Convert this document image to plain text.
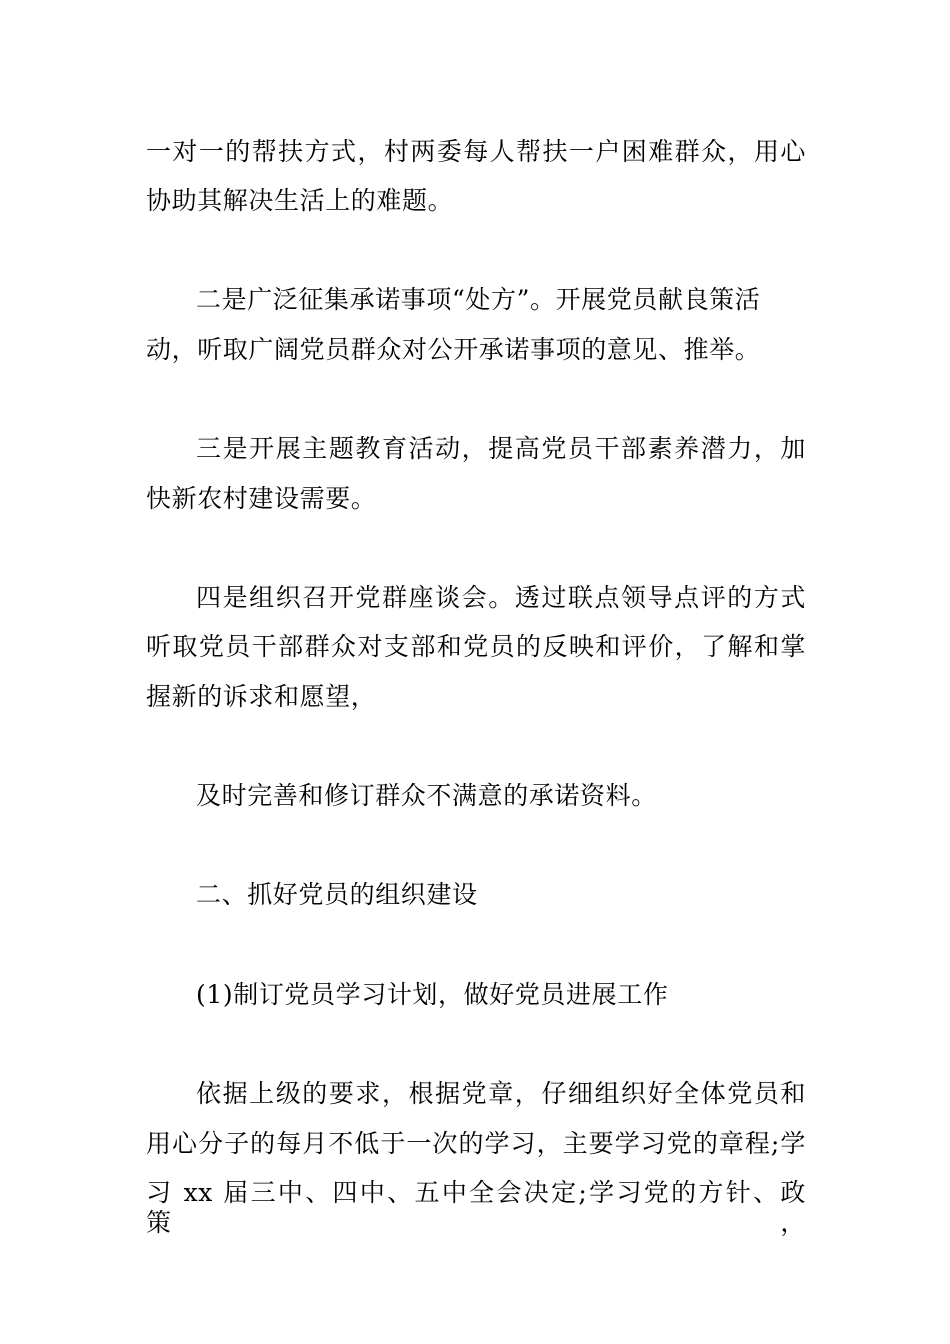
一对一的帮扶方式，村两委每人帮扶一户困难群众，用心
协助其解决生活上的难题。
二是广泛征集承诺事项“处方”。开展党员献良策活
动，听取广阔党员群众对公开承诺事项的意见、推举。
三是开展主题教育活动，提高党员干部素养潜力，加
快新农村建设需要。
四是组织召开党群座谈会。透过联点领导点评的方式
听取党员干部群众对支部和党员的反映和评价，了解和掌
握新的诉求和愿望，
及时完善和修订群众不满意的承诺资料。
二、抓好党员的组织建设
(1)制订党员学习计划，做好党员进展工作
依据上级的要求，根据党章，仔细组织好全体党员和
用心分子的每月不低于一次的学习，主要学习党的章程;学
习 xx 届三中、四中、五中全会决定;学习党的方针、政策，
